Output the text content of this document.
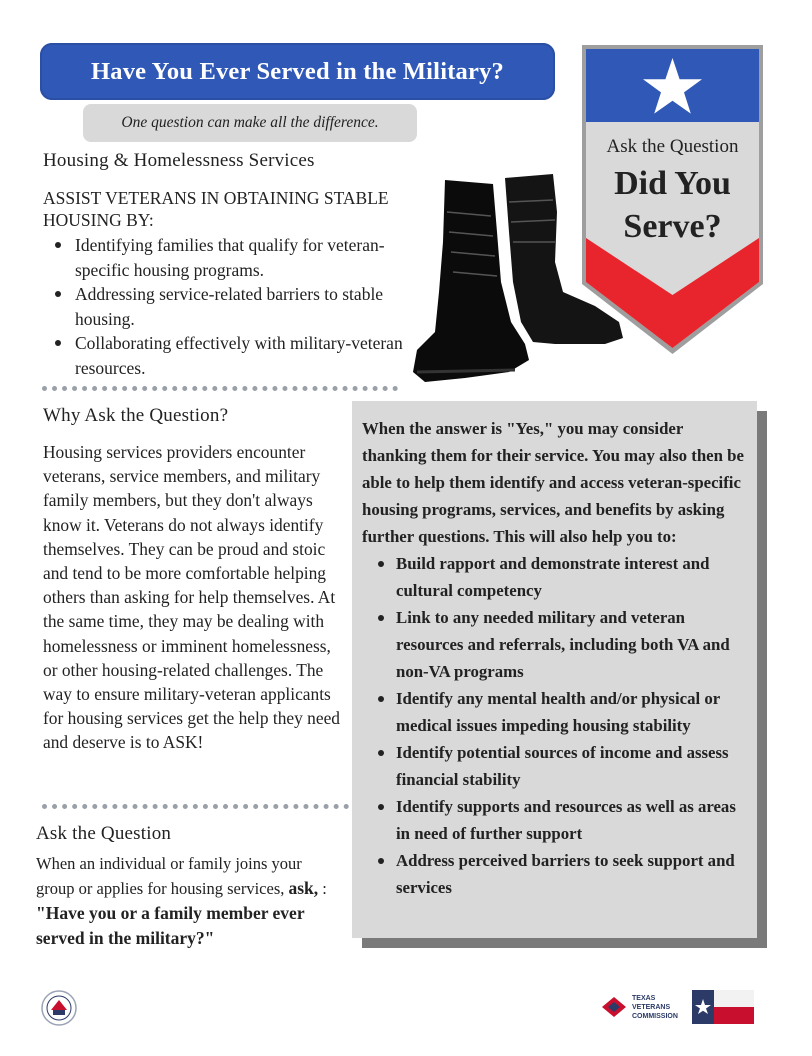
Have You Ever Served in the Military?
One question can make all the difference.
Ask the Question
Did You Serve?
Housing & Homelessness Services

ASSIST VETERANS IN OBTAINING STABLE HOUSING BY:

Identifying families that qualify for veteran-specific housing programs.
Addressing service-related barriers to stable housing.
Collaborating effectively with military-veteran resources.
Why Ask the Question?

Housing services providers encounter veterans, service members, and military family members, but they don't always know it. Veterans do not always identify themselves. They can be proud and stoic and tend to be more comfortable helping others than asking for help themselves. At the same time, they may be dealing with homelessness or imminent homelessness, or other housing-related challenges. The way to ensure military-veteran applicants for housing services get the help they need and deserve is to ASK!

Ask the Question

When an individual or family joins your group or applies for housing services, ask, : "Have you or a family member ever served in the military?"

When the answer is "Yes," you may consider thanking them for their service. You may also then be able to help them identify and access veteran-specific housing programs, services, and benefits by asking further questions. This will also help you to:

Build rapport and demonstrate interest and cultural competency
Link to any needed military and veteran resources and referrals, including both VA and non-VA programs
Identify any mental health and/or physical or medical issues impeding housing stability
Identify potential sources of income and assess financial stability
Identify supports and resources as well as areas in need of further support
Address perceived barriers to seek support and services
TEXAS VETERANS COMMISSION
